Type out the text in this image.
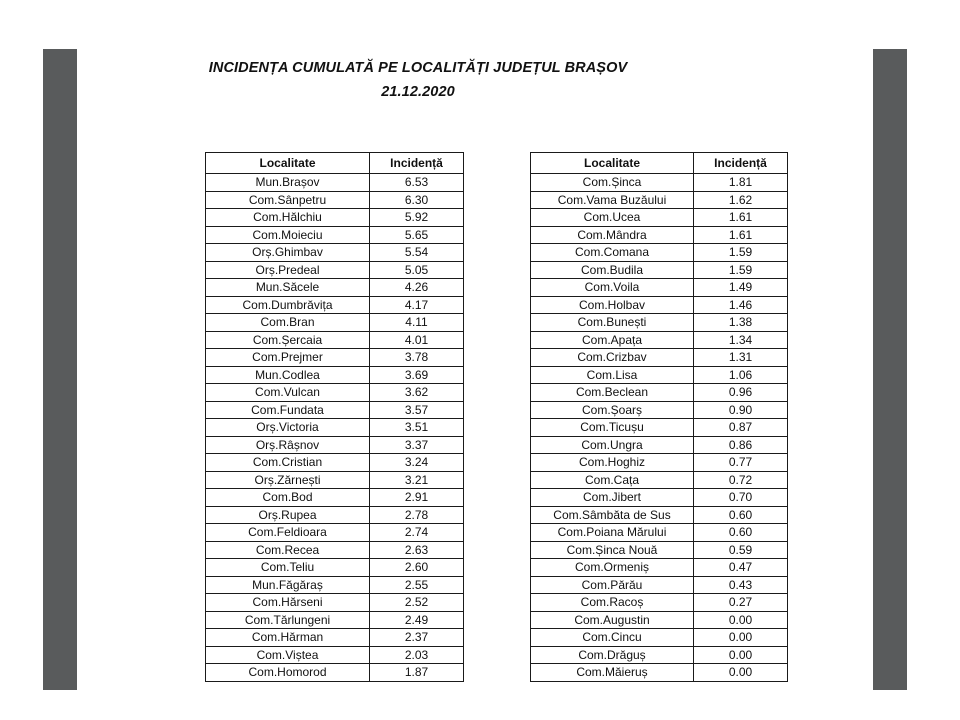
INCIDENȚA CUMULATĂ PE LOCALITĂȚI JUDEȚUL BRAȘOV
21.12.2020
Localitate	Incidență
Mun.Brașov	6.53
Com.Sânpetru	6.30
Com.Hălchiu	5.92
Com.Moieciu	5.65
Orș.Ghimbav	5.54
Orș.Predeal	5.05
Mun.Săcele	4.26
Com.Dumbrăvița	4.17
Com.Bran	4.11
Com.Șercaia	4.01
Com.Prejmer	3.78
Mun.Codlea	3.69
Com.Vulcan	3.62
Com.Fundata	3.57
Orș.Victoria	3.51
Orș.Râșnov	3.37
Com.Cristian	3.24
Orș.Zărnești	3.21
Com.Bod	2.91
Orș.Rupea	2.78
Com.Feldioara	2.74
Com.Recea	2.63
Com.Teliu	2.60
Mun.Făgăraș	2.55
Com.Hărseni	2.52
Com.Tărlungeni	2.49
Com.Hărman	2.37
Com.Viștea	2.03
Com.Homorod	1.87
Localitate	Incidență
Com.Șinca	1.81
Com.Vama Buzăului	1.62
Com.Ucea	1.61
Com.Mândra	1.61
Com.Comana	1.59
Com.Budila	1.59
Com.Voila	1.49
Com.Holbav	1.46
Com.Bunești	1.38
Com.Apața	1.34
Com.Crizbav	1.31
Com.Lisa	1.06
Com.Beclean	0.96
Com.Șoarș	0.90
Com.Ticușu	0.87
Com.Ungra	0.86
Com.Hoghiz	0.77
Com.Cața	0.72
Com.Jibert	0.70
Com.Sâmbăta de Sus	0.60
Com.Poiana Mărului	0.60
Com.Șinca Nouă	0.59
Com.Ormeniș	0.47
Com.Părău	0.43
Com.Racoș	0.27
Com.Augustin	0.00
Com.Cincu	0.00
Com.Drăguș	0.00
Com.Măieruș	0.00
